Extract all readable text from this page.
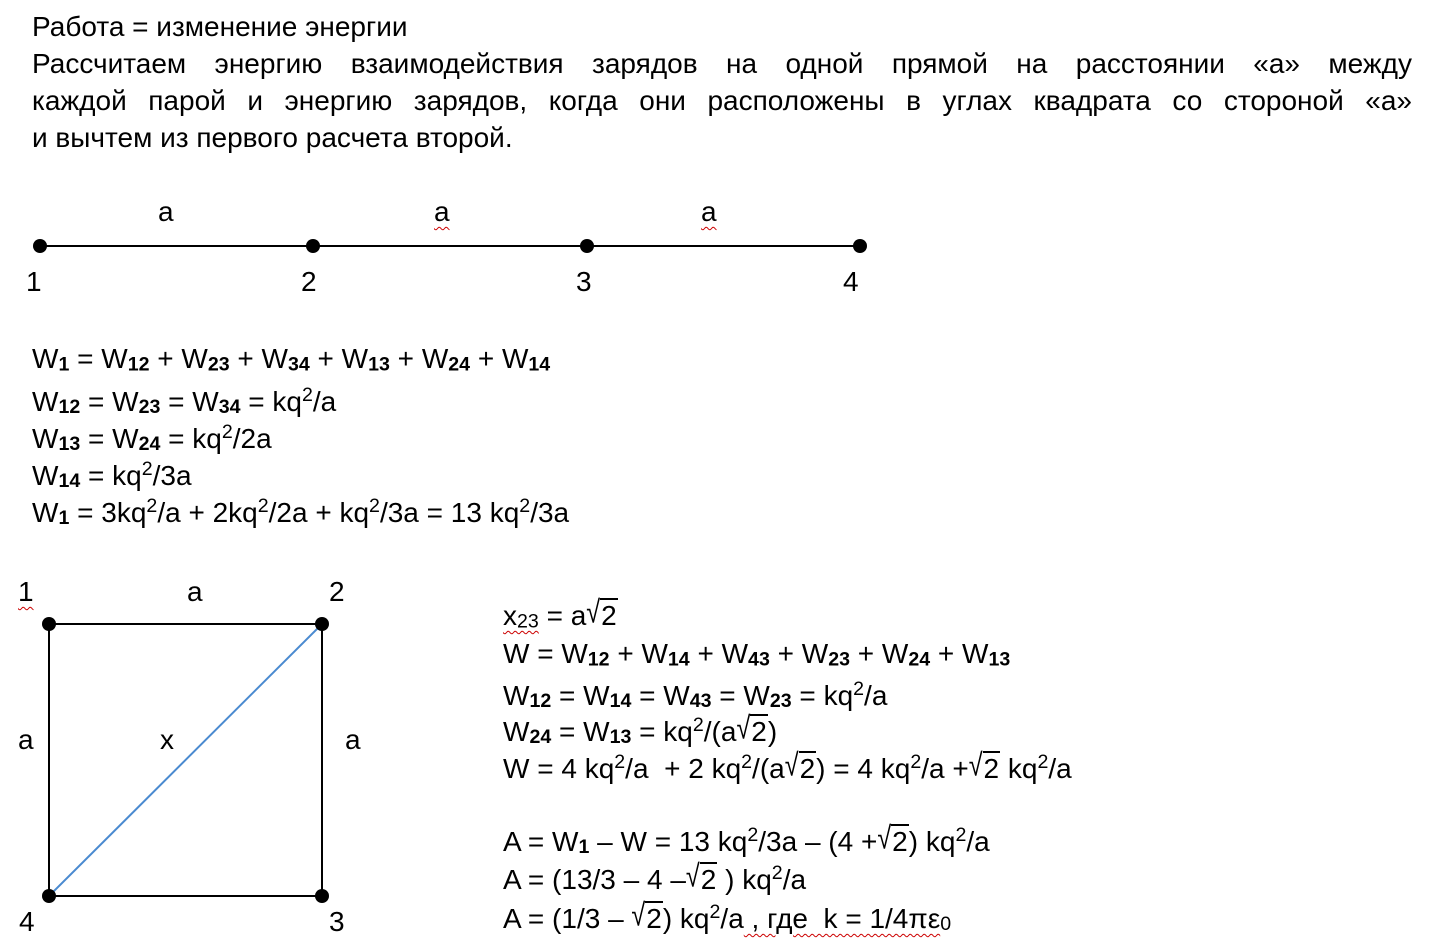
Работа = изменение энергии
Рассчитаем энергию взаимодействия зарядов на одной прямой на расстоянии «а» между
каждой парой и энергию зарядов, когда они расположены в углах квадрата со стороной «а»
и вычтем из первого расчета второй.
a	a	a
1	2	3	4
W1 = W12 + W23 + W34 + W13 + W24 + W14
$W12 = W23 = W34 = kq^2/a$
$W13 = W24 = kq^2/2a$
$W14 = kq^2/3a$
$W1 = 3kq^2/a + 2kq^2/2a + kq^2/3a = 13$ $kq^2/3a$
1	2
3
4
a
a	a
x
x23 = a√2
W = W12 + W14 + W43 + W23 + W24 + W13
$W12 = W14 = W43 = W23 = kq^2/a$
$W24 = W13 = kq^2/(a√2)$
W = 4 $kq^2/a + 2$ $kq^2/(a√2) = 4$ $kq^2/a +√2$ $kq^2/a$
A = W1 – W = 13 $kq^2/3a - (4 +√2)$ $kq^2/a$
A = (13/3 – 4 –√2 ) $kq^2/a$
A = (1/3 – √2) $kq^2/a$ , где  k = 1/4πε0
